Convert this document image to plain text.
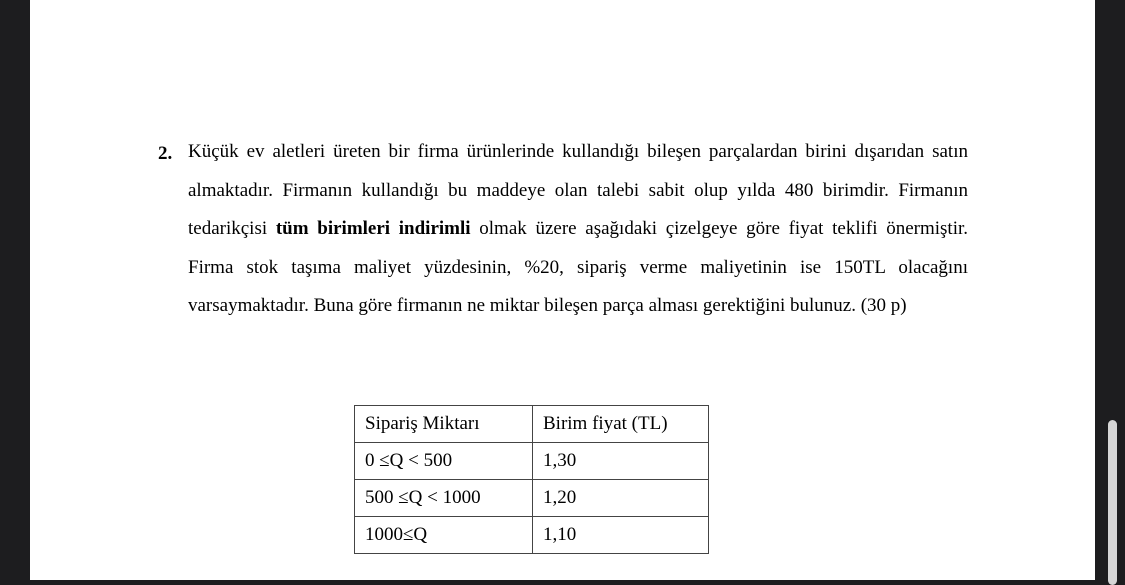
2. Küçük ev aletleri üreten bir firma ürünlerinde kullandığı bileşen parçalardan birini dışarıdan satın almaktadır. Firmanın kullandığı bu maddeye olan talebi sabit olup yılda 480 birimdir. Firmanın tedarikçisi tüm birimleri indirimli olmak üzere aşağıdaki çizelgeye göre fiyat teklifi önermiştir. Firma stok taşıma maliyet yüzdesinin, %20, sipariş verme maliyetinin ise 150TL olacağını varsaymaktadır. Buna göre firmanın ne miktar bileşen parça alması gerektiğini bulunuz. (30 p)

Sipariş Miktarı	Birim fiyat (TL)
0 ≤Q < 500	1,30
500 ≤Q < 1000	1,20
1000≤Q	1,10
